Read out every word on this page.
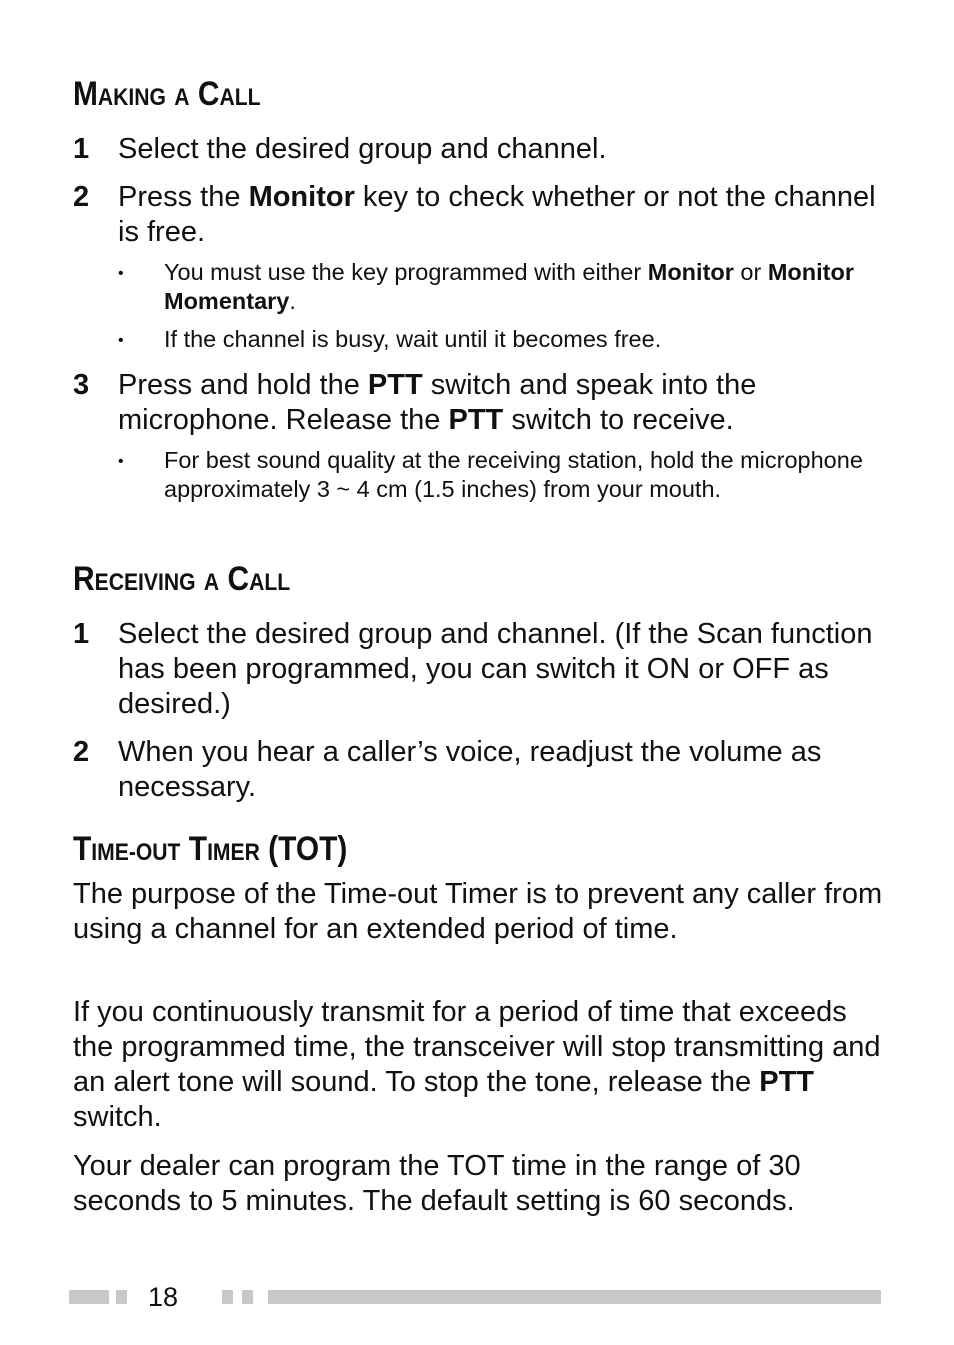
MAKING A CALL
1 Select the desired group and channel.
2 Press the Monitor key to check whether or not the channel is free.
• You must use the key programmed with either Monitor or Monitor Momentary.
• If the channel is busy, wait until it becomes free.
3 Press and hold the PTT switch and speak into the microphone. Release the PTT switch to receive.
• For best sound quality at the receiving station, hold the microphone approximately 3 ~ 4 cm (1.5 inches) from your mouth.
RECEIVING A CALL
1 Select the desired group and channel. (If the Scan function has been programmed, you can switch it ON or OFF as desired.)
2 When you hear a caller’s voice, readjust the volume as necessary.
TIME-OUT TIMER (TOT)

The purpose of the Time-out Timer is to prevent any caller from using a channel for an extended period of time.

If you continuously transmit for a period of time that exceeds the programmed time, the transceiver will stop transmitting and an alert tone will sound. To stop the tone, release the PTT switch.

Your dealer can program the TOT time in the range of 30 seconds to 5 minutes. The default setting is 60 seconds.

18
